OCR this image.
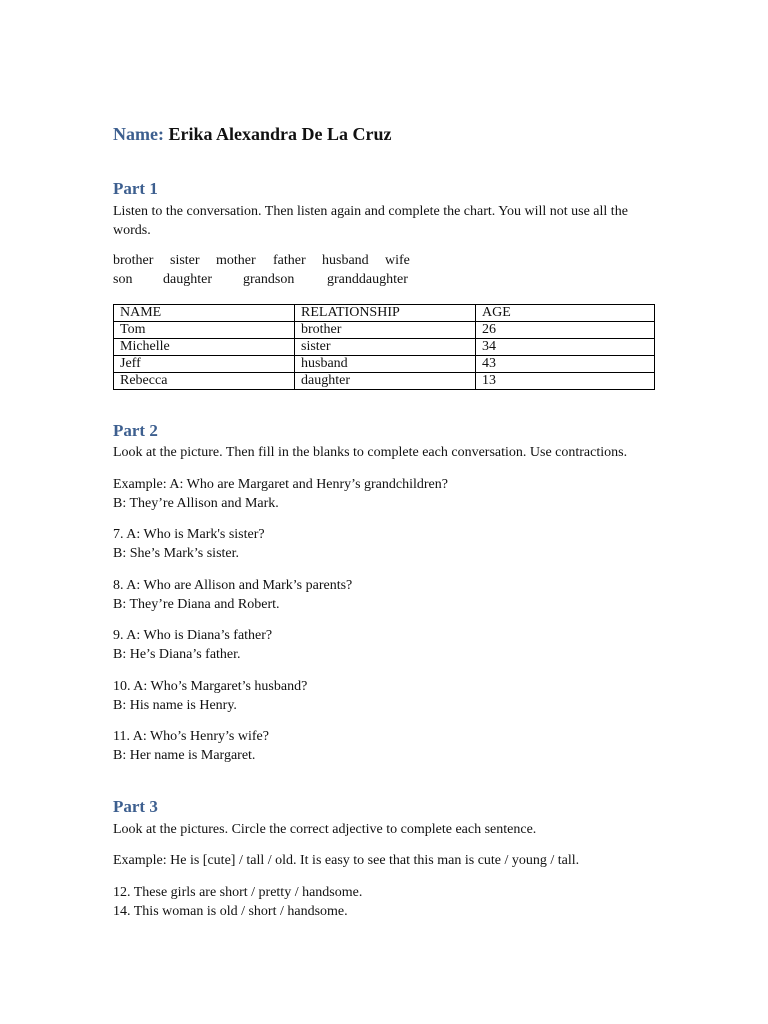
Name: Erika Alexandra De La Cruz
Part 1
Listen to the conversation. Then listen again and complete the chart. You will not use all the words.
brother sister mother father husband wife
son daughter grandson granddaughter
NAME	RELATIONSHIP	AGE
Tom	brother	26
Michelle	sister	34
Jeff	husband	43
Rebecca	daughter	13
Part 2
Look at the picture. Then fill in the blanks to complete each conversation. Use contractions.
Example: A: Who are Margaret and Henry’s grandchildren?
B: They’re Allison and Mark.
7. A: Who is Mark's sister?
B: She’s Mark’s sister.
8. A: Who are Allison and Mark’s parents?
B: They’re Diana and Robert.
9. A: Who is Diana’s father?
B: He’s Diana’s father.
10. A: Who’s Margaret’s husband?
B: His name is Henry.
11. A: Who’s Henry’s wife?
B: Her name is Margaret.
Part 3
Look at the pictures. Circle the correct adjective to complete each sentence.
Example: He is [cute] / tall / old. It is easy to see that this man is cute / young / tall.
12. These girls are short / pretty / handsome.
14. This woman is old / short / handsome.
